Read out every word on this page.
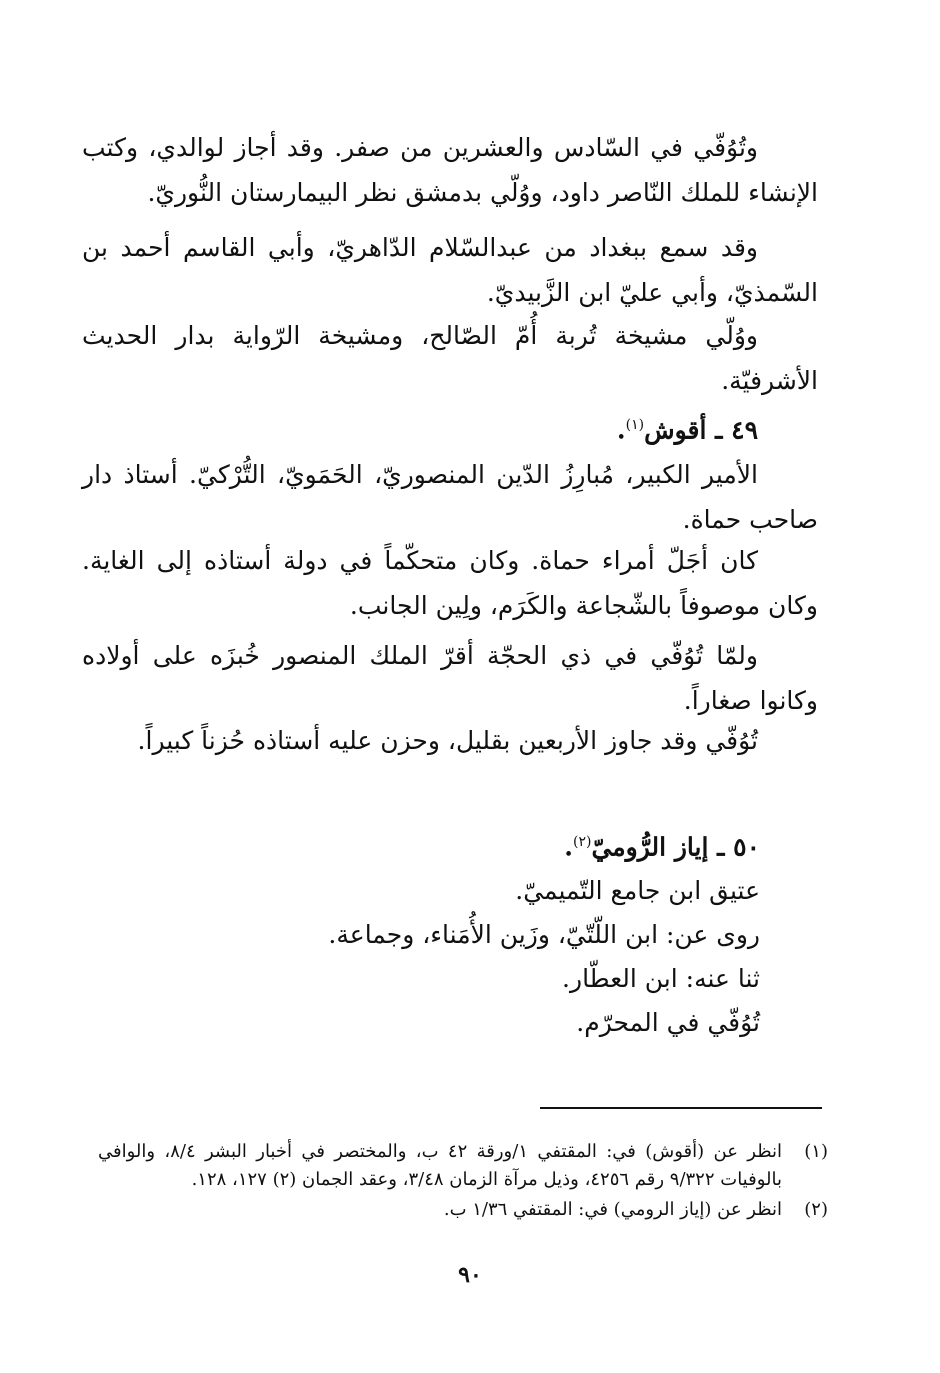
وتُوُفّي في السّادس والعشرين من صفر. وقد أجاز لوالدي، وكتب الإنشاء للملك النّاصر داود، ووُلّي بدمشق نظر البيمارستان النُّوريّ.

وقد سمع ببغداد من عبدالسّلام الدّاهريّ، وأبي القاسم أحمد بن السّمذيّ، وأبي عليّ ابن الزَّبيديّ.

ووُلّي مشيخة تُربة أُمّ الصّالح، ومشيخة الرّواية بدار الحديث الأشرفيّة.

٤٩ ـ أقوش$^{(١)}$.

الأمير الكبير، مُبارِزُ الدّين المنصوريّ، الحَمَويّ، التُّرْكيّ. أستاذ دار صاحب حماة.

كان أجَلّ أمراء حماة. وكان متحكّماً في دولة أستاذه إلى الغاية. وكان موصوفاً بالشّجاعة والكَرَم، ولِين الجانب.

ولمّا تُوُفّي في ذي الحجّة أقرّ الملك المنصور خُبزَه على أولاده وكانوا صغاراً.

تُوُفّي وقد جاوز الأربعين بقليل، وحزن عليه أستاذه حُزناً كبيراً.

٥٠ ـ إياز الرُّوميّ$^{(٢)}$.
عتيق ابن جامع التّميميّ.
روى عن: ابن اللّتّيّ، وزَين الأُمَناء، وجماعة.
ثنا عنه: ابن العطّار.
تُوُفّي في المحرّم.
(١)
انظر عن (أقوش) في: المقتفي ١/ورقة ٤٢ ب، والمختصر في أخبار البشر ٨/٤، والوافي بالوفيات ٩/٣٢٢ رقم ٤٢٥٦، وذيل مرآة الزمان ٣/٤٨، وعقد الجمان (٢) ١٢٧، ١٢٨.
(٢)
انظر عن (إياز الرومي) في: المقتفي ١/٣٦ ب.
٩٠
